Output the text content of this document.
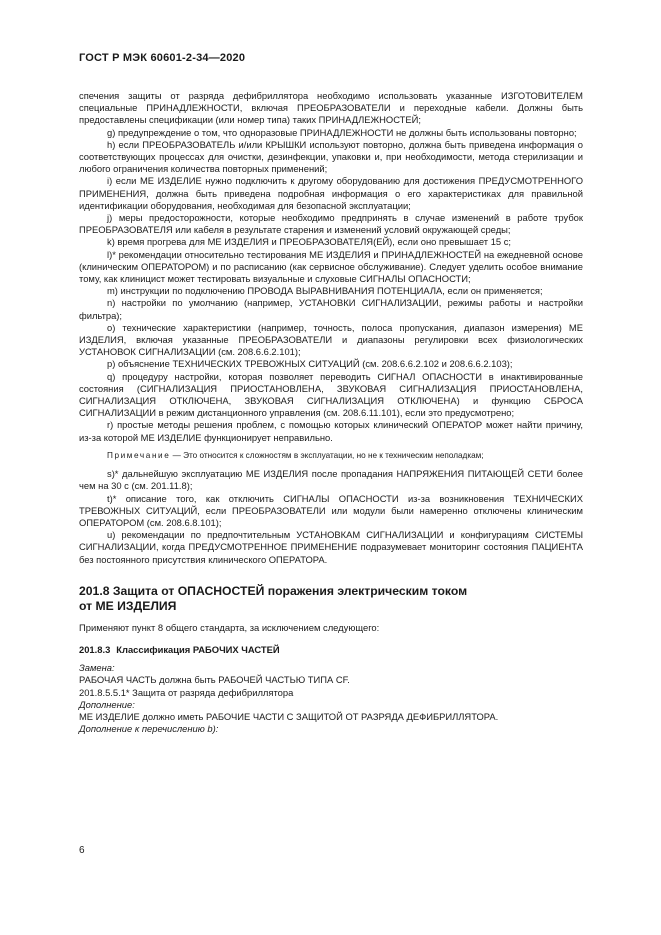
ГОСТ Р МЭК 60601-2-34—2020

спечения защиты от разряда дефибриллятора необходимо использовать указанные ИЗГОТОВИТЕЛЕМ специальные ПРИНАДЛЕЖНОСТИ, включая ПРЕОБРАЗОВАТЕЛИ и переходные кабели. Должны быть предоставлены спецификации (или номер типа) таких ПРИНАДЛЕЖНОСТЕЙ;

g) предупреждение о том, что одноразовые ПРИНАДЛЕЖНОСТИ не должны быть использованы повторно;

h) если ПРЕОБРАЗОВАТЕЛЬ и/или КРЫШКИ используют повторно, должна быть приведена информация о соответствующих процессах для очистки, дезинфекции, упаковки и, при необходимости, метода стерилизации и любого ограничения количества повторных применений;

i) если МЕ ИЗДЕЛИЕ нужно подключить к другому оборудованию для достижения ПРЕДУСМОТРЕННОГО ПРИМЕНЕНИЯ, должна быть приведена подробная информация о его характеристиках для правильной идентификации оборудования, необходимая для безопасной эксплуатации;

j) меры предосторожности, которые необходимо предпринять в случае изменений в работе трубок ПРЕОБРАЗОВАТЕЛЯ или кабеля в результате старения и изменений условий окружающей среды;

k) время прогрева для МЕ ИЗДЕЛИЯ и ПРЕОБРАЗОВАТЕЛЯ(ЕЙ), если оно превышает 15 с;

l)* рекомендации относительно тестирования МЕ ИЗДЕЛИЯ и ПРИНАДЛЕЖНОСТЕЙ на ежедневной основе (клиническим ОПЕРАТОРОМ) и по расписанию (как сервисное обслуживание). Следует уделить особое внимание тому, как клиницист может тестировать визуальные и слуховые СИГНАЛЫ ОПАСНОСТИ;

m) инструкции по подключению ПРОВОДА ВЫРАВНИВАНИЯ ПОТЕНЦИАЛА, если он применяется;

n) настройки по умолчанию (например, УСТАНОВКИ СИГНАЛИЗАЦИИ, режимы работы и настройки фильтра);

o) технические характеристики (например, точность, полоса пропускания, диапазон измерения) МЕ ИЗДЕЛИЯ, включая указанные ПРЕОБРАЗОВАТЕЛИ и диапазоны регулировки всех физиологических УСТАНОВОК СИГНАЛИЗАЦИИ (см. 208.6.6.2.101);

p) объяснение ТЕХНИЧЕСКИХ ТРЕВОЖНЫХ СИТУАЦИЙ (см. 208.6.6.2.102 и 208.6.6.2.103);

q) процедуру настройки, которая позволяет переводить СИГНАЛ ОПАСНОСТИ в инактивированные состояния (СИГНАЛИЗАЦИЯ ПРИОСТАНОВЛЕНА, ЗВУКОВАЯ СИГНАЛИЗАЦИЯ ПРИОСТАНОВЛЕНА, СИГНАЛИЗАЦИЯ ОТКЛЮЧЕНА, ЗВУКОВАЯ СИГНАЛИЗАЦИЯ ОТКЛЮЧЕНА) и функцию СБРОСА СИГНАЛИЗАЦИИ в режим дистанционного управления (см. 208.6.11.101), если это предусмотрено;

r) простые методы решения проблем, с помощью которых клинический ОПЕРАТОР может найти причину, из-за которой МЕ ИЗДЕЛИЕ функционирует неправильно.

Примечание — Это относится к сложностям в эксплуатации, но не к техническим неполадкам;

s)* дальнейшую эксплуатацию МЕ ИЗДЕЛИЯ после пропадания НАПРЯЖЕНИЯ ПИТАЮЩЕЙ СЕТИ более чем на 30 с (см. 201.11.8);

t)* описание того, как отключить СИГНАЛЫ ОПАСНОСТИ из-за возникновения ТЕХНИЧЕСКИХ ТРЕВОЖНЫХ СИТУАЦИЙ, если ПРЕОБРАЗОВАТЕЛИ или модули были намеренно отключены клиническим ОПЕРАТОРОМ (см. 208.6.8.101);

u) рекомендации по предпочтительным УСТАНОВКАМ СИГНАЛИЗАЦИИ и конфигурациям СИСТЕМЫ СИГНАЛИЗАЦИИ, когда ПРЕДУСМОТРЕННОЕ ПРИМЕНЕНИЕ подразумевает мониторинг состояния ПАЦИЕНТА без постоянного присутствия клинического ОПЕРАТОРА.

201.8 Защита от ОПАСНОСТЕЙ поражения электрическим током
от МЕ ИЗДЕЛИЯ

Применяют пункт 8 общего стандарта, за исключением следующего:

201.8.3 Классификация РАБОЧИХ ЧАСТЕЙ

Замена:

РАБОЧАЯ ЧАСТЬ должна быть РАБОЧЕЙ ЧАСТЬЮ ТИПА CF.

201.8.5.5.1* Защита от разряда дефибриллятора

Дополнение:

МЕ ИЗДЕЛИЕ должно иметь РАБОЧИЕ ЧАСТИ С ЗАЩИТОЙ ОТ РАЗРЯДА ДЕФИБРИЛЛЯТОРА.

Дополнение к перечислению b):

6
